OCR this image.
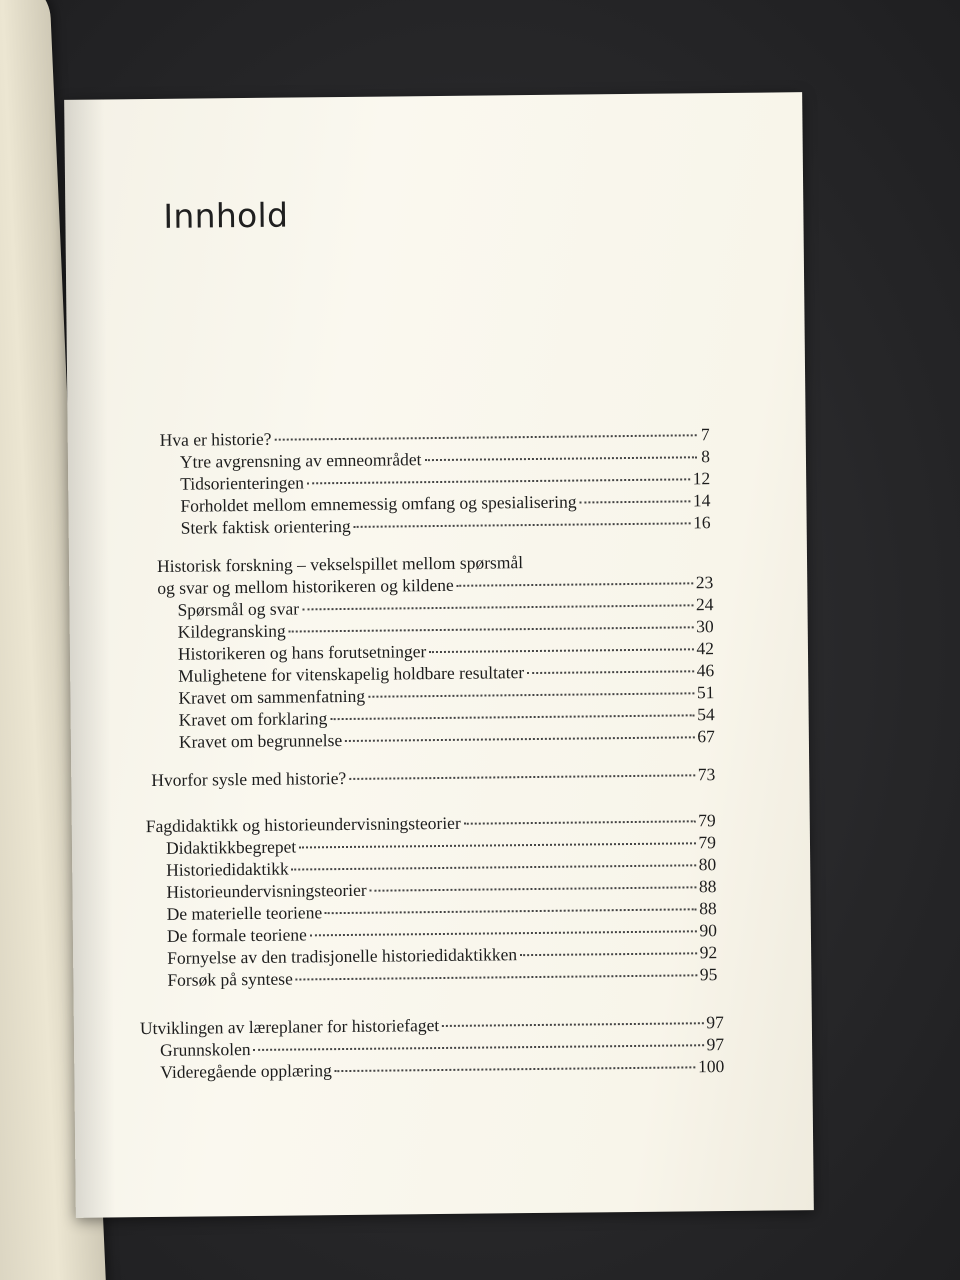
Innhold
Hva er historie?	7
Ytre avgrensning av emneområdet	8
Tidsorienteringen	12
Forholdet mellom emnemessig omfang og spesialisering	14
Sterk faktisk orientering	16
Historisk forskning – vekselspillet mellom spørsmål
og svar og mellom historikeren og kildene	23
Spørsmål og svar	24
Kildegransking	30
Historikeren og hans forutsetninger	42
Mulighetene for vitenskapelig holdbare resultater	46
Kravet om sammenfatning	51
Kravet om forklaring	54
Kravet om begrunnelse	67
Hvorfor sysle med historie?	73
Fagdidaktikk og historieundervisningsteorier	79
Didaktikkbegrepet	79
Historiedidaktikk	80
Historieundervisningsteorier	88
De materielle teoriene	88
De formale teoriene	90
Fornyelse av den tradisjonelle historiedidaktikken	92
Forsøk på syntese	95
Utviklingen av læreplaner for historiefaget	97
Grunnskolen	97
Videregående opplæring	100
